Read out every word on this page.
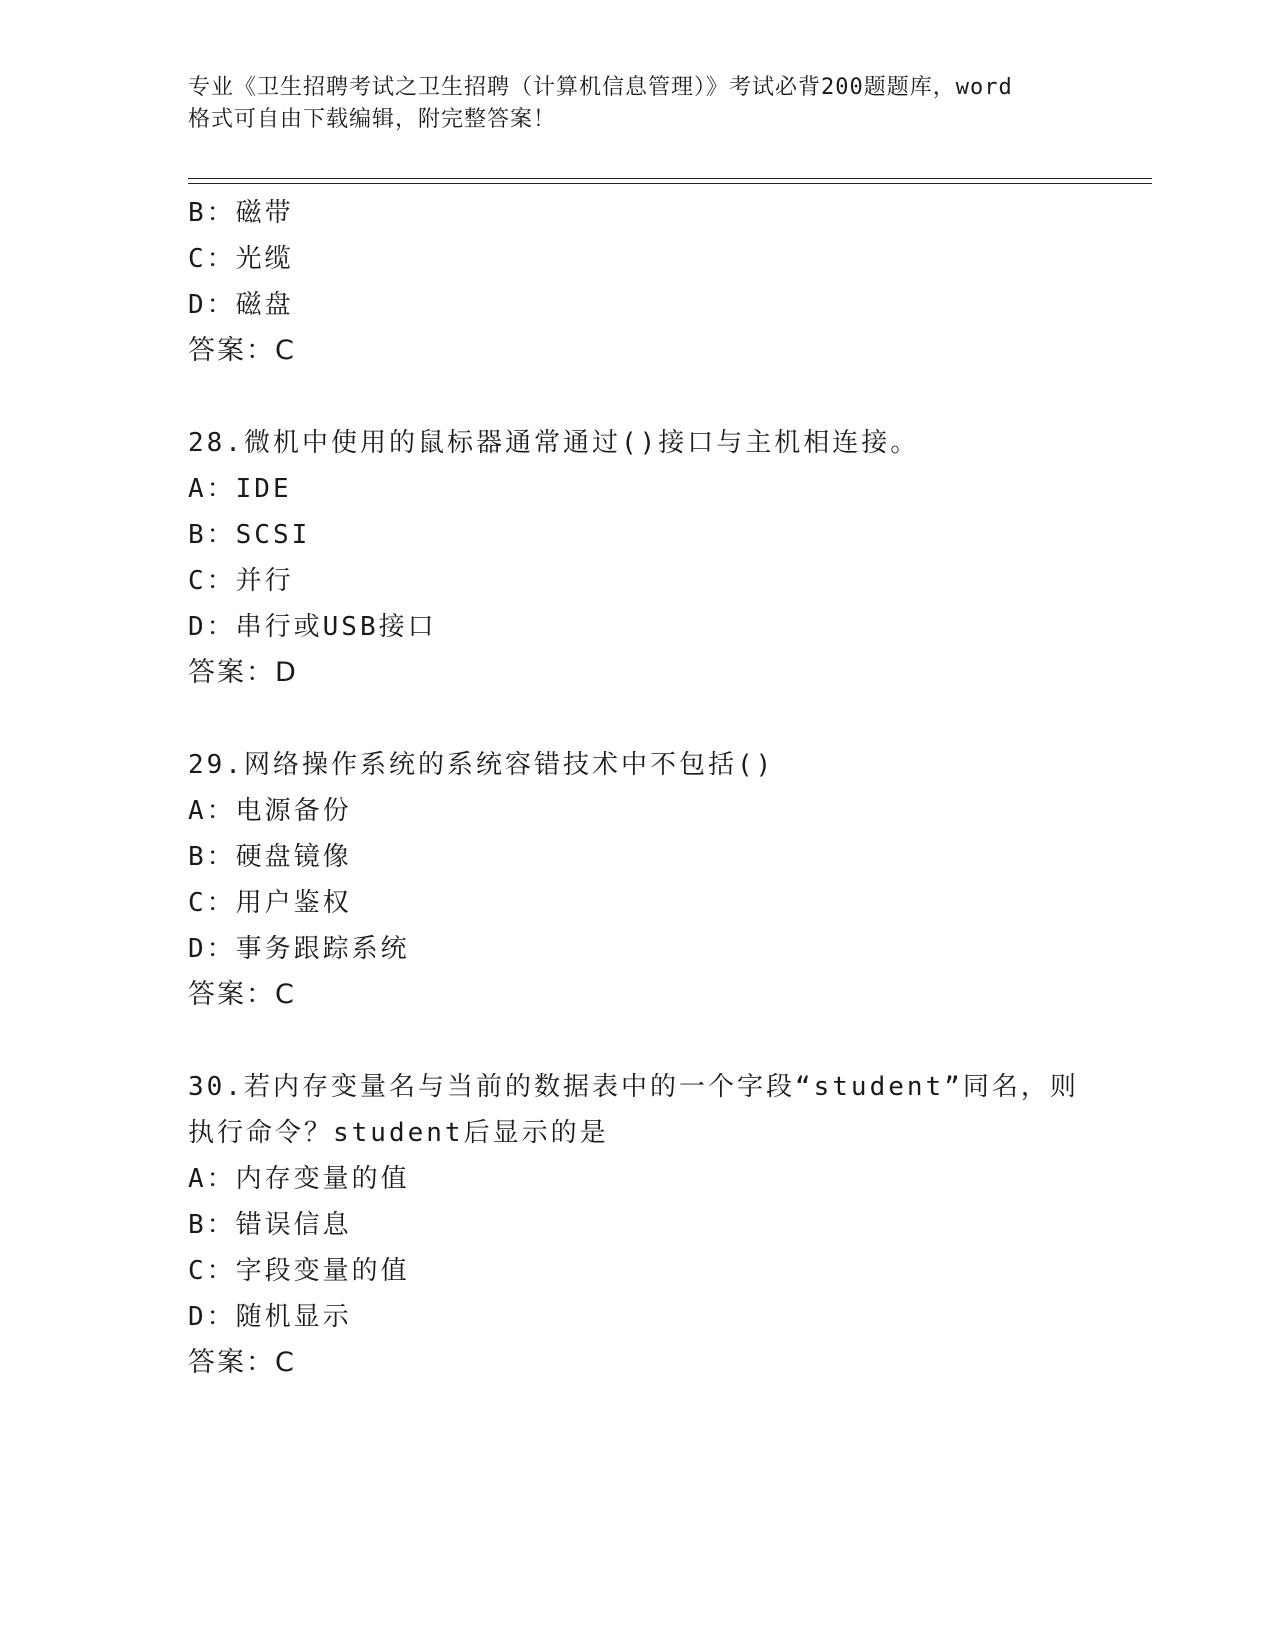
专业《卫生招聘考试之卫生招聘（计算机信息管理）》考试必背200题题库，word
格式可自由下载编辑，附完整答案！
B：磁带
C：光缆
D：磁盘
答案：C
28.微机中使用的鼠标器通常通过()接口与主机相连接。
A：IDE
B：SCSI
C：并行
D：串行或USB接口
答案：D
29.网络操作系统的系统容错技术中不包括()
A：电源备份
B：硬盘镜像
C：用户鉴权
D：事务跟踪系统
答案：C
30.若内存变量名与当前的数据表中的一个字段“student”同名，则
执行命令？student后显示的是
A：内存变量的值
B：错误信息
C：字段变量的值
D：随机显示
答案：C
